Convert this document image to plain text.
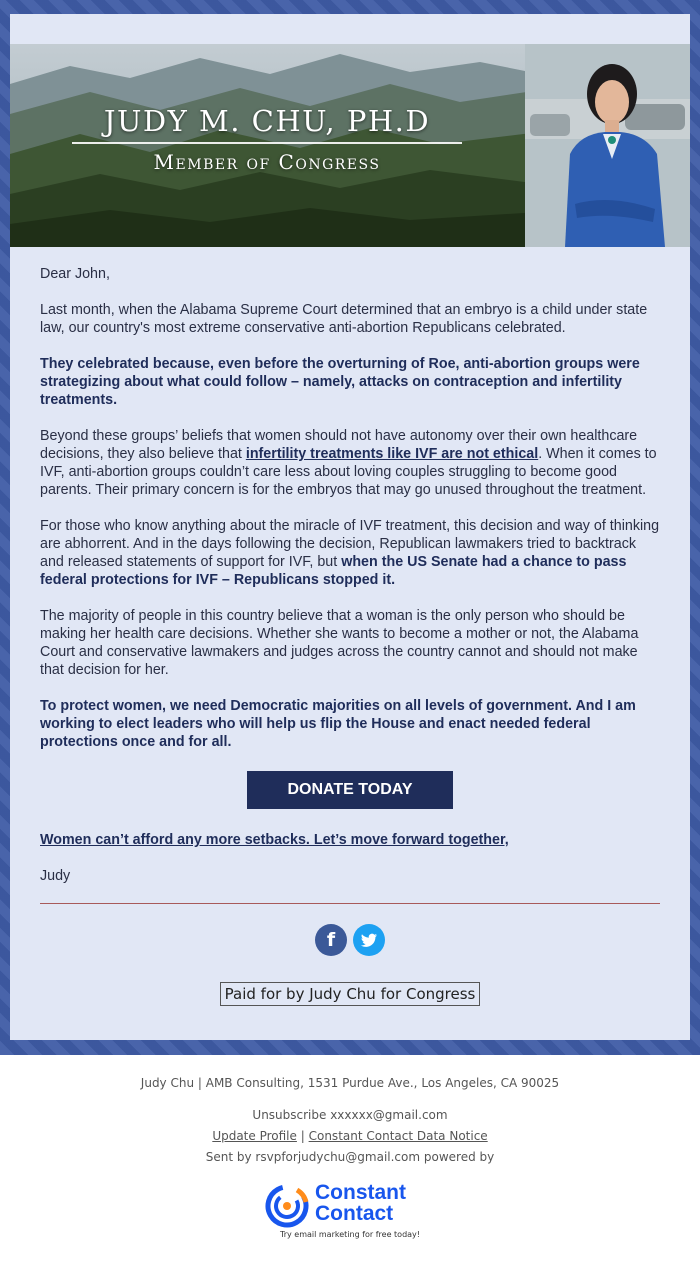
JUDY M. CHU, PH.D
Member of Congress

Dear John,

Last month, when the Alabama Supreme Court determined that an embryo is a child under state law, our country's most extreme conservative anti-abortion Republicans celebrated.

They celebrated because, even before the overturning of Roe, anti-abortion groups were strategizing about what could follow – namely, attacks on contraception and infertility treatments.

Beyond these groups’ beliefs that women should not have autonomy over their own healthcare decisions, they also believe that infertility treatments like IVF are not ethical. When it comes to IVF, anti-abortion groups couldn’t care less about loving couples struggling to become good parents. Their primary concern is for the embryos that may go unused throughout the treatment.

For those who know anything about the miracle of IVF treatment, this decision and way of thinking are abhorrent. And in the days following the decision, Republican lawmakers tried to backtrack and released statements of support for IVF, but when the US Senate had a chance to pass federal protections for IVF – Republicans stopped it.

The majority of people in this country believe that a woman is the only person who should be making her health care decisions. Whether she wants to become a mother or not, the Alabama Court and conservative lawmakers and judges across the country cannot and should not make that decision for her.

To protect women, we need Democratic majorities on all levels of government. And I am working to elect leaders who will help us flip the House and enact needed federal protections once and for all.

DONATE TODAY

Women can’t afford any more setbacks. Let’s move forward together,

Judy

f
Paid for by Judy Chu for Congress
Judy Chu | AMB Consulting, 1531 Purdue Ave., Los Angeles, CA 90025
Unsubscribe xxxxxx@gmail.com
Update Profile | Constant Contact Data Notice
Sent by rsvpforjudychu@gmail.com powered by
Constant
Contact
Try email marketing for free today!
